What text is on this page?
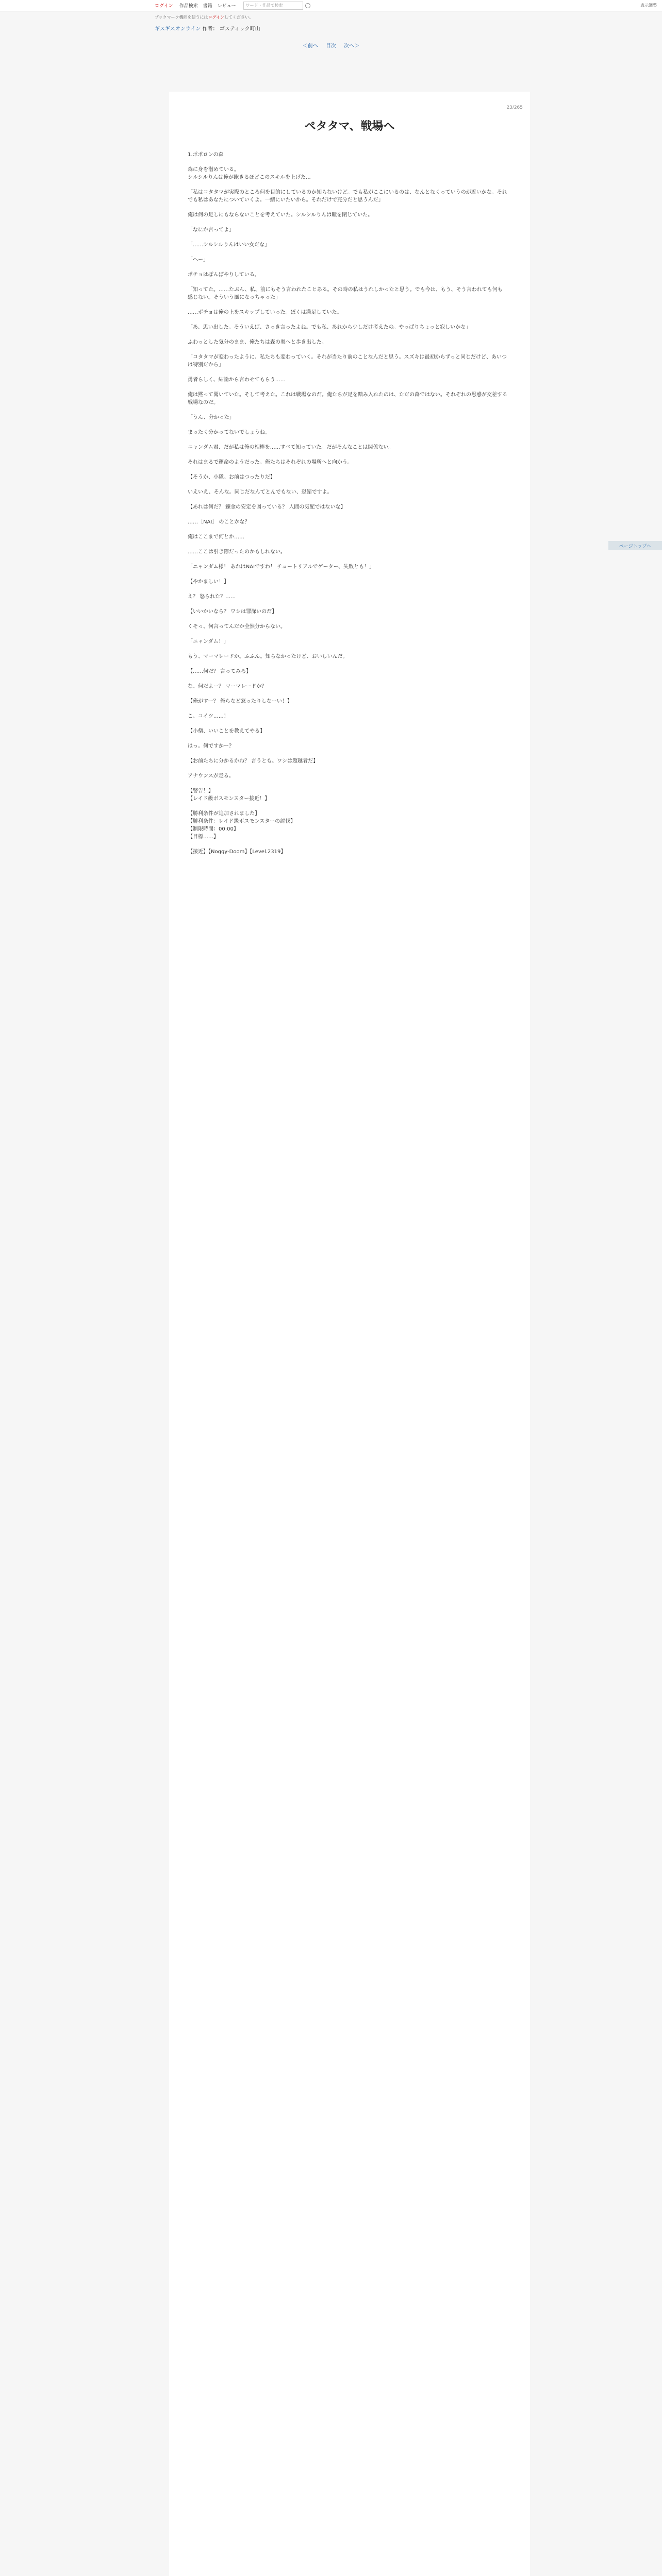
ログイン 作品検索 書籍 レビュー	ワード・作品で検索	表示調整
ブックマーク機能を使うにはログインしてください。
ギスギスオンライン 作者： ゴスティック町山
＜前へ 目次 次へ＞
23/265
ペタタマ、戦場へ
1.ポポロンの森
森に身を潜めている。
シルシルりんは俺が飽きるほどこのスキルを上げた...
「私はコタタマが実際のところ何を目的にしているのか知らないけど。でも私がここにいるのは、なんとなくっていうのが近いかな。それでも私はあなたについていくよ。一緒にいたいから。それだけで充分だと思うんだ」
俺は何の足しにもならないことを考えていた。シルシルりんは瞳を閉じていた。
「なにか言ってよ」
「……シルシルりんはいい女だな」
「へー」
ポチョはぽんぽやりしている。
「知ってた。……たぶん、私、前にもそう言われたことある。その時の私はうれしかったと思う。でも今は、もう、そう言われても何も感じない。そういう風になっちゃった」
……ポチョは俺の上をスキップしていった。ぼくは満足していた。
「あ、思い出した。そういえば、さっき言ったよね。でも私、あれから少しだけ考えたの。やっぱりちょっと寂しいかな」
ふわっとした気分のまま、俺たちは森の奥へと歩き出した。
「コタタマが変わったように、私たちも変わっていく。それが当たり前のことなんだと思う。スズキは最初からずっと同じだけど、あいつは特別だから」
勇者らしく、結論から言わせてもらう……
俺は黙って聞いていた。そして考えた。これは戦場なのだ。俺たちが足を踏み入れたのは、ただの森ではない。それぞれの思惑が交差する戦場なのだ。
「うん、分かった」
まったく分かってないでしょうね。
ニャンダム君、だが私は俺の相棒を……すべて知っていた。だがそんなことは関係ない。
それはまるで運命のようだった。俺たちはそれぞれの場所へと向かう。
【そうか、小隊。お前はつったりだ】
いえいえ、そんな。同じだなんてとんでもない、恐縮ですよ。
【あれは何だ？ 錬金の安定を図っている？ 人間の気配ではないな】
……［NAI］ のことかな？
俺はここまで何とか……
……ここは引き際だったのかもしれない。
「ニャンダム様！ あれはNAIですわ！ チュートリアルでゲーター、失敗とも！」
【やかましい！】
え？ 怒られた？……
【いいかいなら？ ワシは罪深いのだ】
くそっ、何言ってんだか全然分からない。
「ニャンダム！」
もう、マーマレードか。ふふん。知らなかったけど、おいしいんだ。
【……何だ？ 言ってみろ】
な、何だよー？ マーマレードか？
【俺がすー？ 俺らなど怒ったりしなーい！】
こ、コイツ……！
【小僧、いいことを教えてやる】
はっ。何ですかー？
【お前たちに分かるかね？ 言うとも。ワシは超越者だ】
アナウンスが走る。
【警告！】
【レイド級ボスモンスター接近！】
【勝利条件が追加されました】
【勝利条件：レイド級ボスモンスターの討伐】
【制限時間：00:00】
【目標……】
【接近】【Noggy-Doom】【Level.2319】
ページトップへ
